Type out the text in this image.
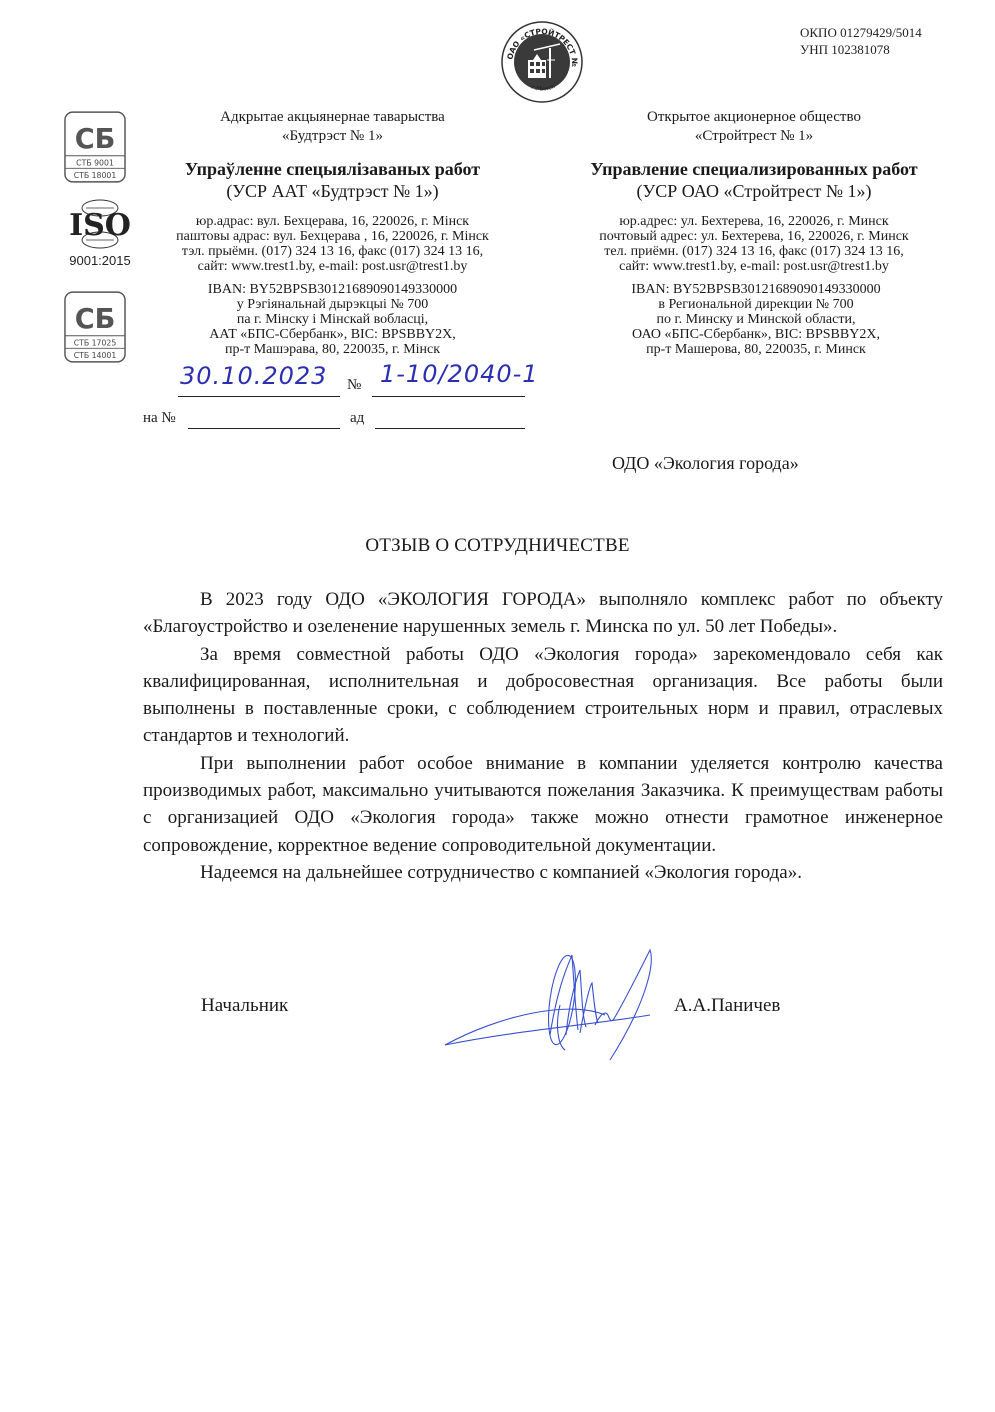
ОКПО 01279429/5014
УНП 102381078
ОАО «СТРОЙТРЕСТ №
г.Минск
СБ
СТБ 9001
СТБ 18001
ISO
9001:2015
СБ
СТБ 17025
СТБ 14001
Адкрытае акцыянернае таварыства
«Будтрэст № 1»
Упраўленне спецыялізаваных работ
(УСР ААТ «Будтрэст № 1»)
юр.адрас: вул. Бехцерава, 16, 220026, г. Мінск
паштовы адрас: вул. Бехцерава , 16, 220026, г. Мінск
тэл. прыёмн. (017) 324 13 16, факс (017) 324 13 16,
сайт: www.trest1.by, e-mail: post.usr@trest1.by
IBAN: BY52BPSB30121689090149330000
у Рэгіянальнай дырэкцыі № 700
па г. Мінску і Мінскай вобласці,
ААТ «БПС-Сбербанк», BIC: BPSBBY2X,
пр-т Машэрава, 80, 220035, г. Мінск
Открытое акционерное общество
«Стройтрест № 1»
Управление специализированных работ
(УСР ОАО «Стройтрест № 1»)
юр.адрес: ул. Бехтерева, 16, 220026, г. Минск
почтовый адрес: ул. Бехтерева, 16, 220026, г. Минск
тел. приёмн. (017) 324 13 16, факс (017) 324 13 16,
сайт: www.trest1.by, e-mail: post.usr@trest1.by
IBAN: BY52BPSB30121689090149330000
в Региональной дирекции № 700
по г. Минску и Минской области,
ОАО «БПС-Сбербанк», BIC: BPSBBY2X,
пр-т Машерова, 80, 220035, г. Минск
30.10.2023 № 1-10/2040-1
на №	ад
ОДО «Экология города»
ОТЗЫВ О СОТРУДНИЧЕСТВЕ

В 2023 году ОДО «ЭКОЛОГИЯ ГОРОДА» выполняло комплекс работ по объекту «Благоустройство и озеленение нарушенных земель г. Минска по ул. 50 лет Победы».

За время совместной работы ОДО «Экология города» зарекомендовало себя как квалифицированная, исполнительная и добросовестная организация. Все работы были выполнены в поставленные сроки, с соблюдением строительных норм и правил, отраслевых стандартов и технологий.

При выполнении работ особое внимание в компании уделяется контролю качества производимых работ, максимально учитываются пожелания Заказчика. К преимуществам работы с организацией ОДО «Экология города» также можно отнести грамотное инженерное сопровождение, корректное ведение сопроводительной документации.

Надеемся на дальнейшее сотрудничество с компанией «Экология города».

Начальник	А.А.Паничев
